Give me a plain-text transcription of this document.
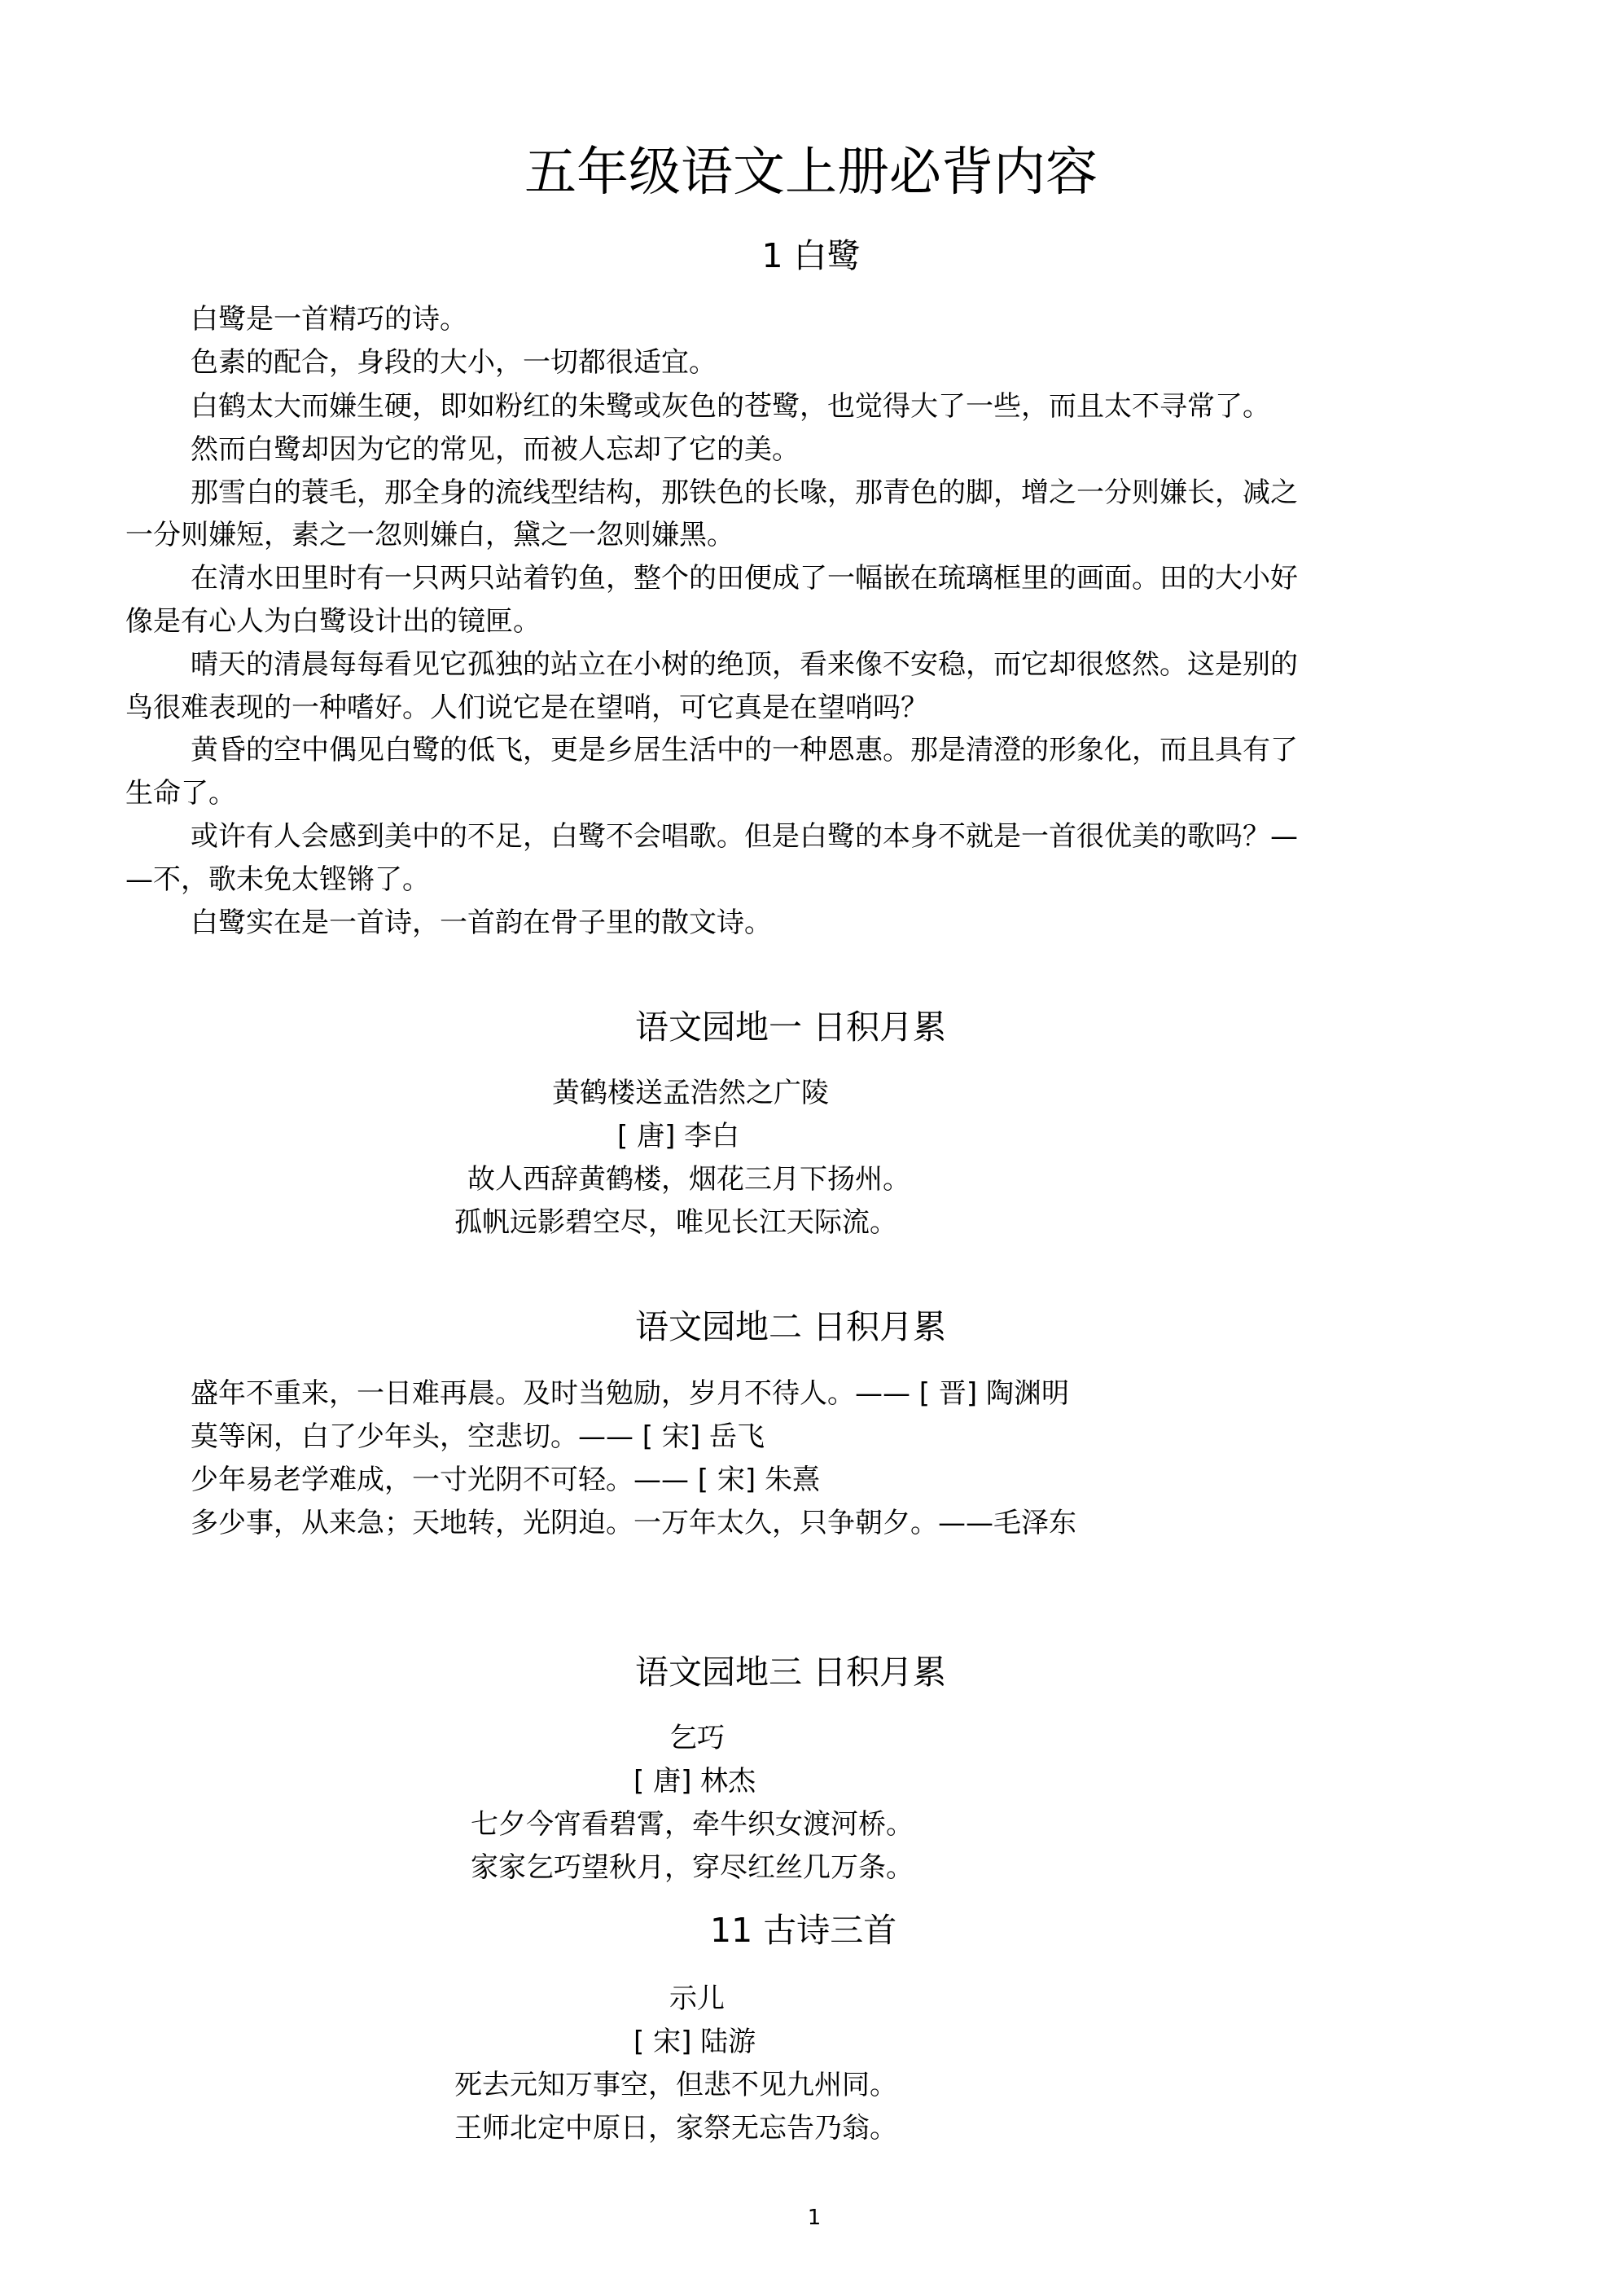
五年级语文上册必背内容
1 白鹭
白鹭是一首精巧的诗。
色素的配合，身段的大小，一切都很适宜。
白鹤太大而嫌生硬，即如粉红的朱鹭或灰色的苍鹭，也觉得大了一些，而且太不寻常了。
然而白鹭却因为它的常见，而被人忘却了它的美。
那雪白的蓑毛，那全身的流线型结构，那铁色的长喙，那青色的脚，增之一分则嫌长，减之
一分则嫌短，素之一忽则嫌白，黛之一忽则嫌黑。
在清水田里时有一只两只站着钓鱼，整个的田便成了一幅嵌在琉璃框里的画面。田的大小好
像是有心人为白鹭设计出的镜匣。
晴天的清晨每每看见它孤独的站立在小树的绝顶，看来像不安稳，而它却很悠然。这是别的
鸟很难表现的一种嗜好。人们说它是在望哨，可它真是在望哨吗？
黄昏的空中偶见白鹭的低飞，更是乡居生活中的一种恩惠。那是清澄的形象化，而且具有了
生命了。
或许有人会感到美中的不足，白鹭不会唱歌。但是白鹭的本身不就是一首很优美的歌吗？—
—不，歌未免太铿锵了。
白鹭实在是一首诗，一首韵在骨子里的散文诗。
语文园地一 日积月累
黄鹤楼送孟浩然之广陵
[ 唐] 李白
故人西辞黄鹤楼，烟花三月下扬州。
孤帆远影碧空尽，唯见长江天际流。
语文园地二 日积月累
盛年不重来，一日难再晨。及时当勉励，岁月不待人。—— [ 晋] 陶渊明
莫等闲，白了少年头，空悲切。—— [ 宋] 岳飞
少年易老学难成，一寸光阴不可轻。—— [ 宋] 朱熹
多少事，从来急；天地转，光阴迫。一万年太久，只争朝夕。——毛泽东
语文园地三 日积月累
乞巧
[ 唐] 林杰
七夕今宵看碧霄，牵牛织女渡河桥。
家家乞巧望秋月，穿尽红丝几万条。
11 古诗三首
示儿
[ 宋] 陆游
死去元知万事空，但悲不见九州同。
王师北定中原日，家祭无忘告乃翁。
1
